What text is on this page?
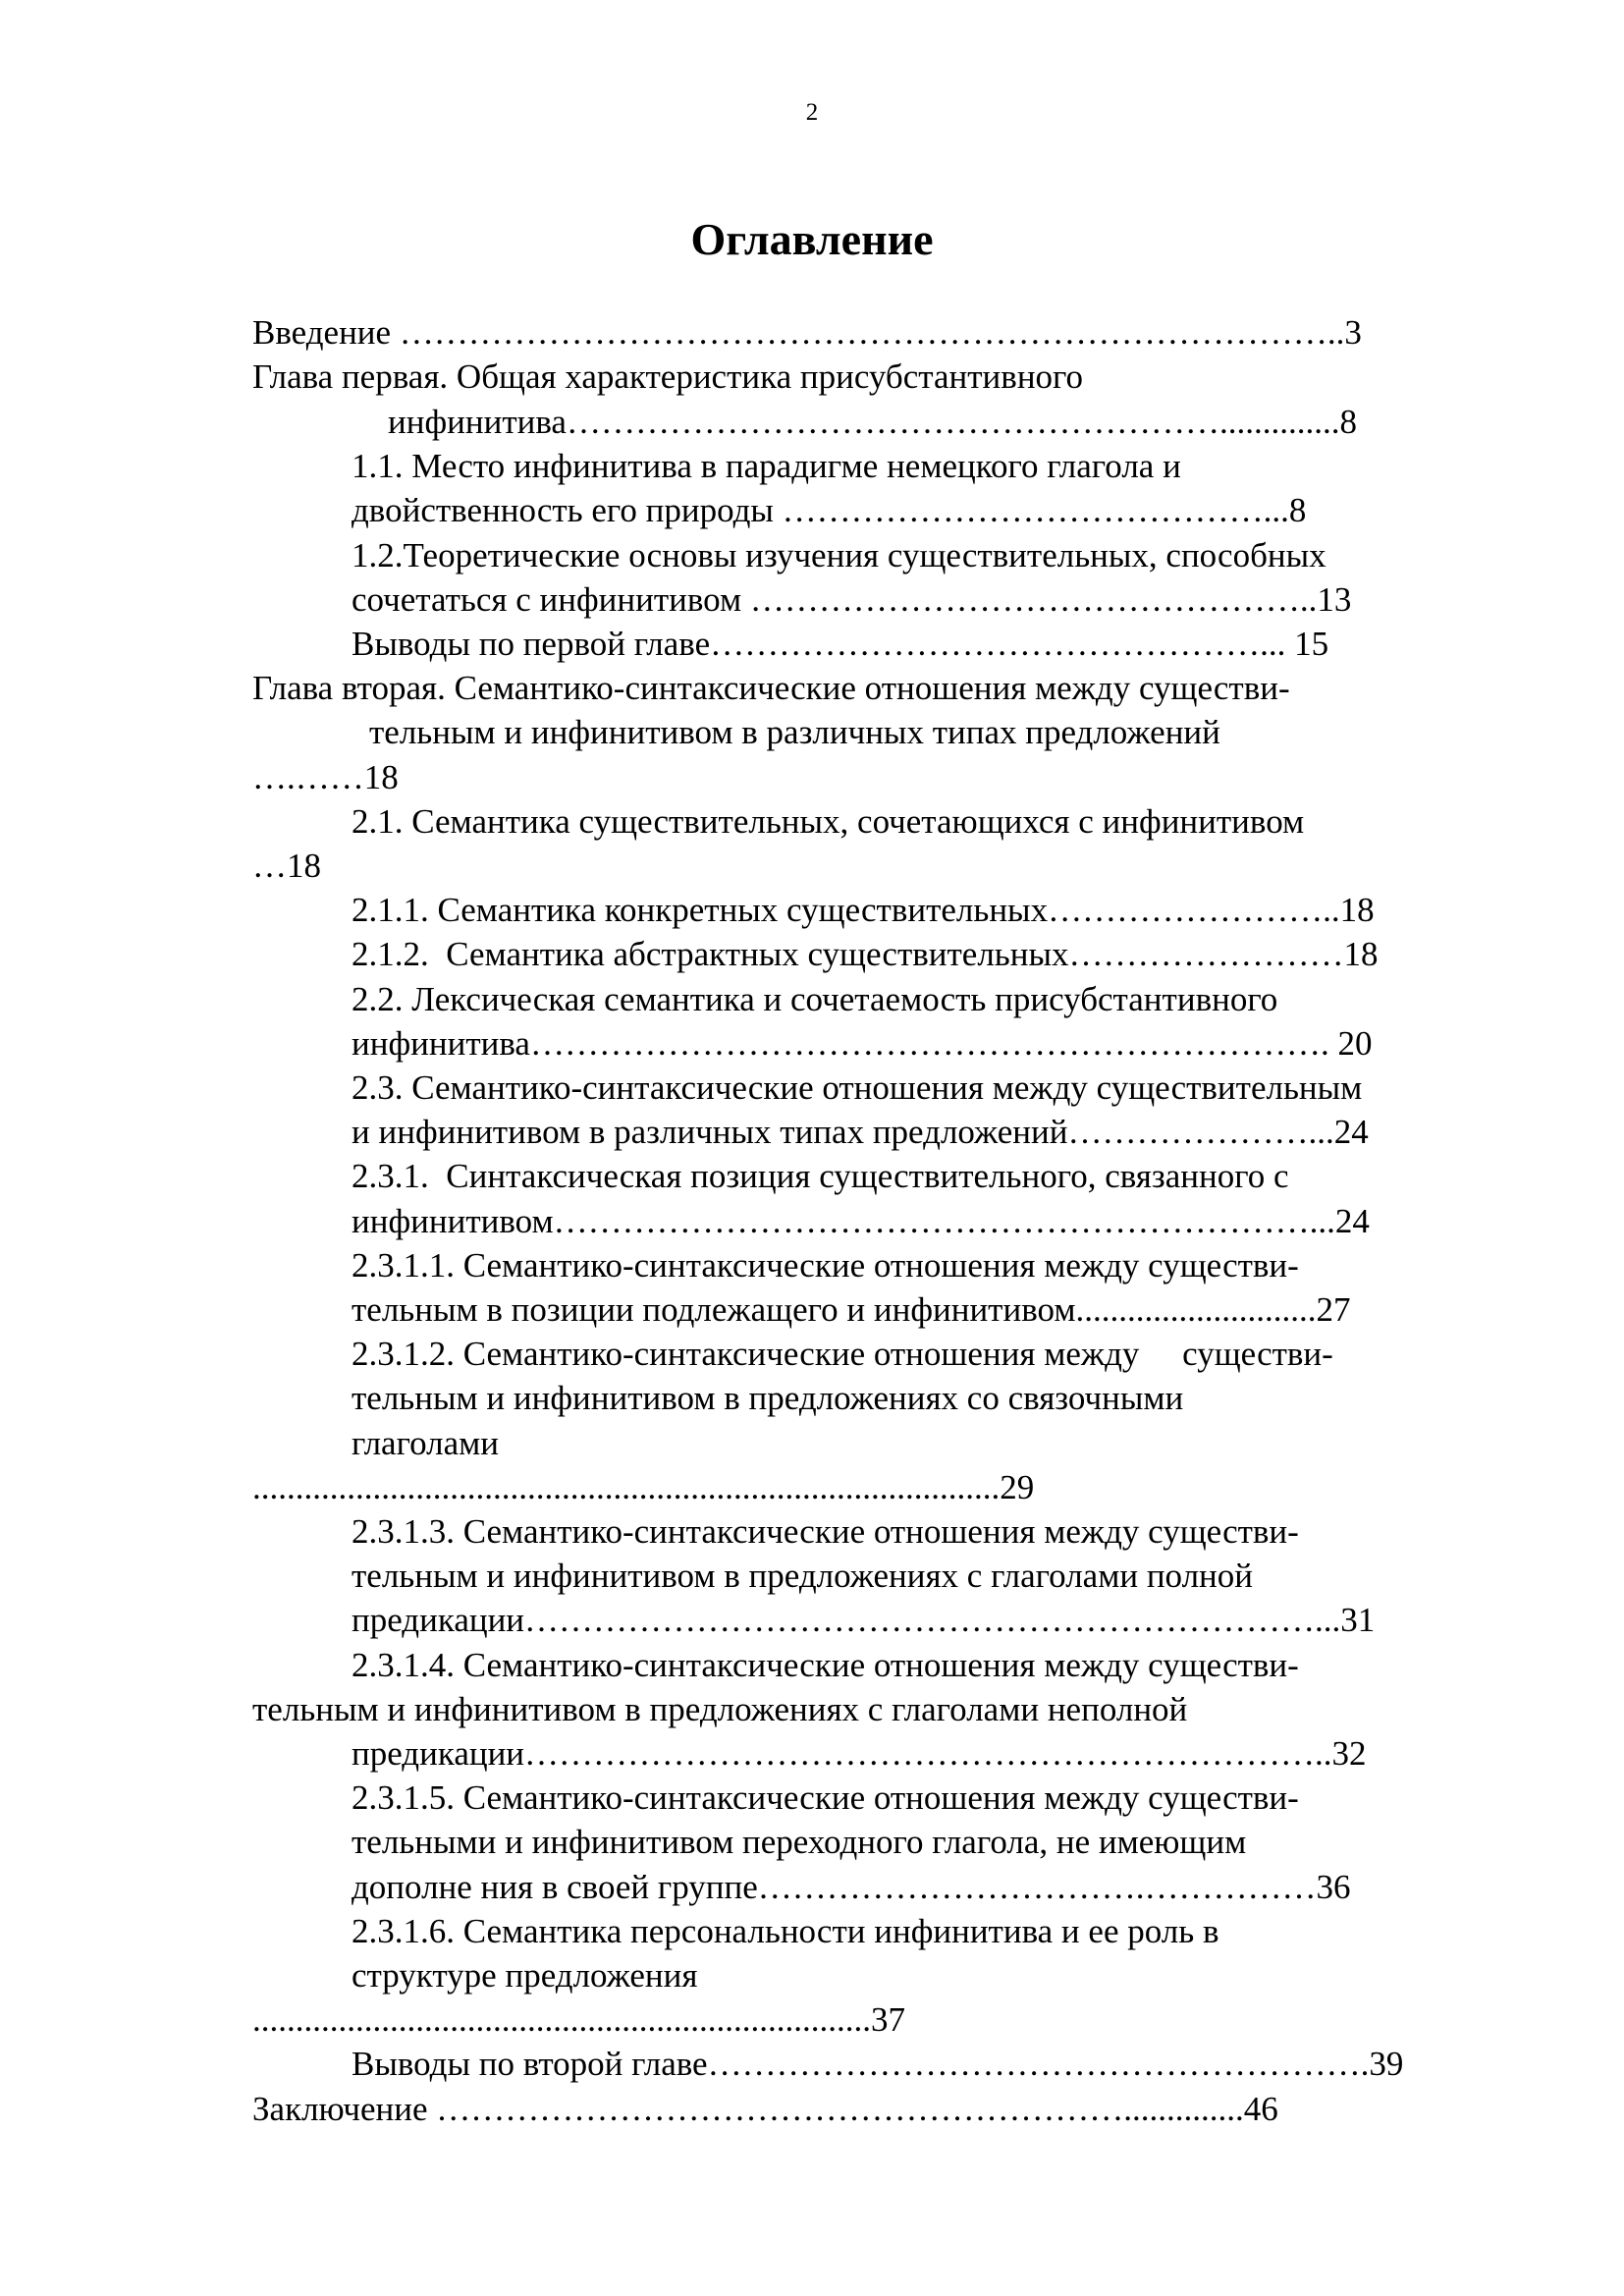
2
Оглавление
Введение ………………………………………………………………………..3
Глава первая. Общая характеристика присубстантивного
инфинитива…………………………………………………..............8
1.1. Место инфинитива в парадигме немецкого глагола и
двойственность его природы ……………………………………...8
1.2.Теоретические основы изучения существительных, способных
сочетаться с инфинитивом …………………………………………..13
Выводы по первой главе…………………………………………... 15
Глава вторая. Семантико-синтаксические отношения между существи-
тельным и инфинитивом в различных типах предложений
….……18
2.1. Семантика существительных, сочетающихся с инфинитивом
…18
2.1.1. Семантика конкретных существительных……………………..18
2.1.2.  Семантика абстрактных существительных……………………18
2.2. Лексическая семантика и сочетаемость присубстантивного
инфинитива……………………………………………………………. 20
2.3. Семантико-синтаксические отношения между существительным
и инфинитивом в различных типах предложений…………………...24
2.3.1.  Синтаксическая позиция существительного, связанного с
инфинитивом…………………………………………………………...24
2.3.1.1. Семантико-синтаксические отношения между существи-
тельным в позиции подлежащего и инфинитивом............................27
2.3.1.2. Семантико-синтаксические отношения между     существи-
тельным и инфинитивом в предложениях со связочными
глаголами
.......................................................................................29
2.3.1.3. Семантико-синтаксические отношения между существи-
тельным и инфинитивом в предложениях с глаголами полной
предикации……………………………………………………………...31
2.3.1.4. Семантико-синтаксические отношения между существи-
тельным и инфинитивом в предложениях с глаголами неполной
предикации……………………………………………………………..32
2.3.1.5. Семантико-синтаксические отношения между существи-
тельными и инфинитивом переходного глагола, не имеющим
дополне ния в своей группе…………………………….……………36
2.3.1.6. Семантика персональности инфинитива и ее роль в
структуре предложения
........................................................................37
Выводы по второй главе………………………………………………….39
Заключение ……………………………………………………..............46
